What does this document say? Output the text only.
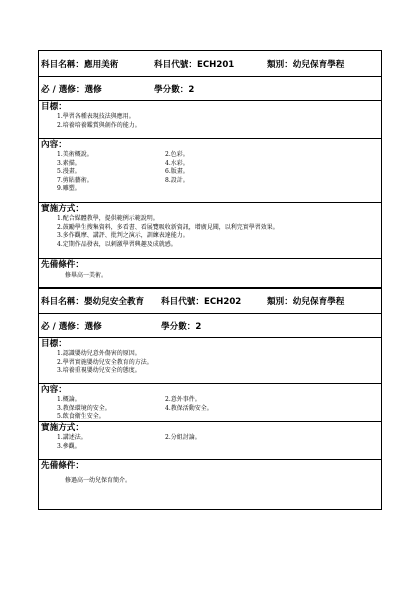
科目名稱：應用美術	科目代號：ECH201	類別：幼兒保育學程
必 / 選修：選修	學分數：2
目標：
1.學習各種表現技法與應用。
2.培養培養鑑賞與創作的能力。
內容：
1.美術概說。	2.色彩。
3.素描。	4.水彩。
5.漫畫。	6.版畫。
7.剪貼藝術。	8.設計。
9.雕塑。
實施方式：
1.配合媒體教學，提供範例示範說明。
2.鼓勵學生搜集資料，多看書、看展覽吸收新資訊，增廣見聞，以利完實學習效果。
3.多作觀摩、講評、批判之演示，訓練表達能力。
4.定期作品發表，以刺激學習興趣及成就感。
先備條件：
修畢高一美術。
科目名稱：嬰幼兒安全教育	科目代號：ECH202	類別：幼兒保育學程
必 / 選修：選修	學分數：2
目標：
1.認識嬰幼兒意外傷害的原因。
2.學習實施嬰幼兒安全教育的方法。
3.培養重視嬰幼兒安全的態度。
內容：
1.概論。	2.意外事件。
3.教保環境的安全。	4.教保活動安全。
5.飲食衛生安全。
實施方式：
1.講述法。	2.分組討論。
3.參觀。
先備條件：
修過高一幼兒保育簡介。
